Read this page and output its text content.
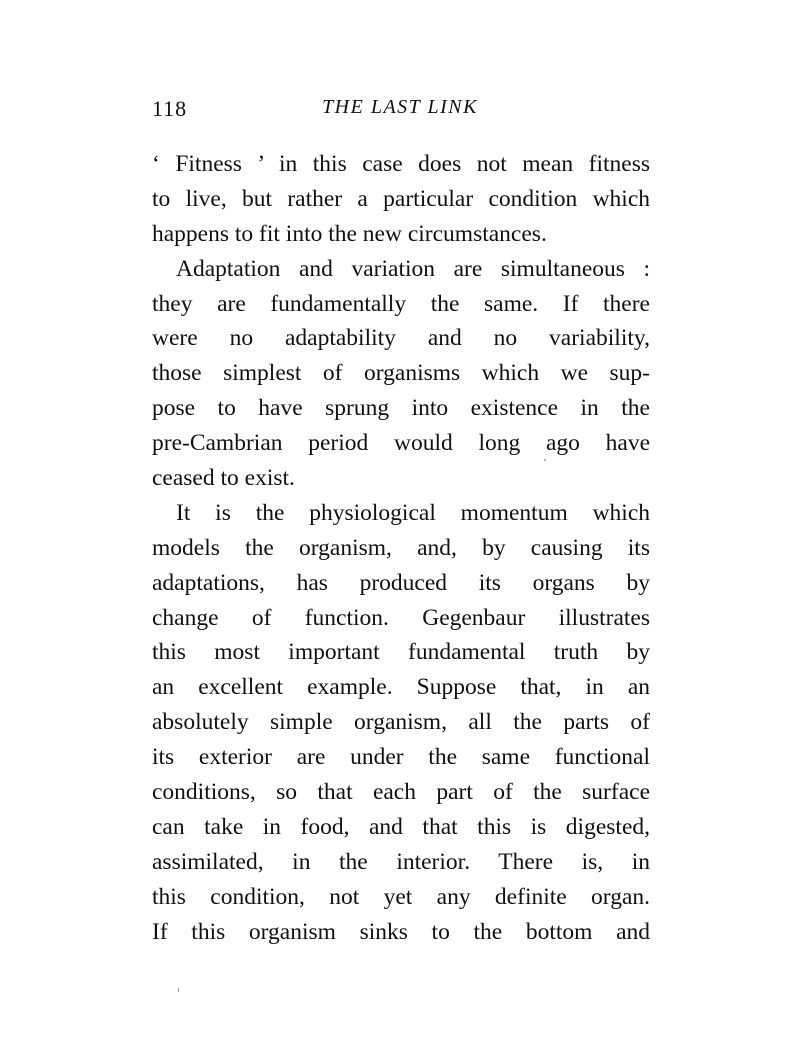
118	THE LAST LINK
‘ Fitness ’ in this case does not mean fitness
to live, but rather a particular condition which
happens to fit into the new circumstances.
Adaptation and variation are simultaneous :
they are fundamentally the same. If there
were no adaptability and no variability,
those simplest of organisms which we sup-
pose to have sprung into existence in the
pre-Cambrian period would long ago have
ceased to exist.
It is the physiological momentum which
models the organism, and, by causing its
adaptations, has produced its organs by
change of function. Gegenbaur illustrates
this most important fundamental truth by
an excellent example. Suppose that, in an
absolutely simple organism, all the parts of
its exterior are under the same functional
conditions, so that each part of the surface
can take in food, and that this is digested,
assimilated, in the interior. There is, in
this condition, not yet any definite organ.
If this organism sinks to the bottom and
